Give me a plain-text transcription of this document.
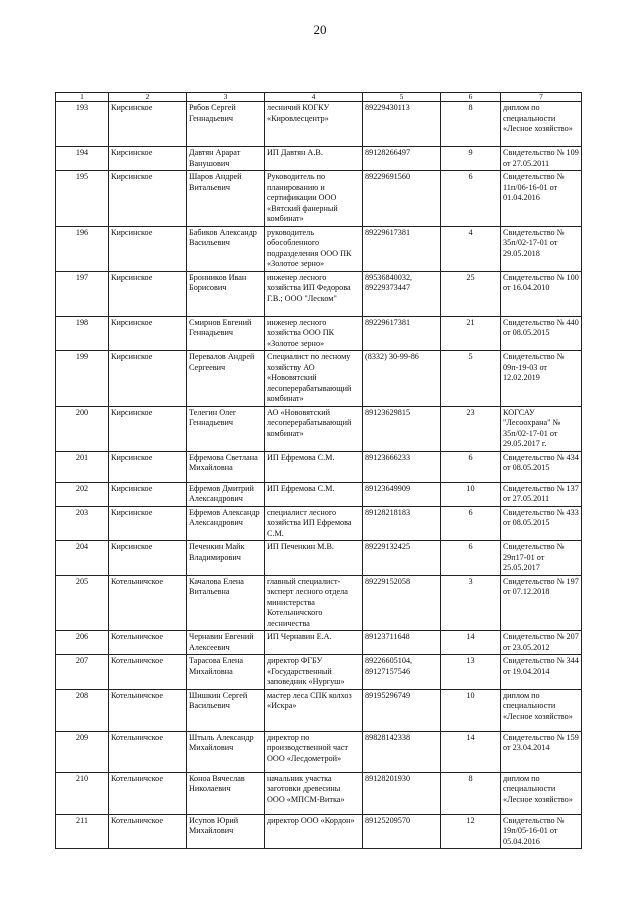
20
1	2	3	4	5	6	7
193	Кирсинское	Рябов Сергей Геннадьевич	лесничий КОГКУ «Кировлесцентр»	89229430113	8	диплом по специальности «Лесное хозяйство»
194	Кирсинское	Давтян Арарат Ванушович	ИП Давтян А.В.	89128266497	9	Свидетельство № 109 от 27.05.2011
195	Кирсинское	Шаров Андрей Витальевич	Руководитель по планированию и сертификации ООО «Вятский фанерный комбинат»	89229691560	6	Свидетельство № 11п/06-16-01 от 01.04.2016
196	Кирсинское	Бабиков Александр Васильевич	руководитель обособленного подразделения ООО ПК «Золотое зерно»	89229617381	4	Свидетельство № 35п/02-17-01 от 29.05.2018
197	Кирсинское	Бронников Иван Борисович	инженер лесного хозяйства ИП Федорова Г.В.; ООО "Леском"	89536840032, 89229373447	25	Свидетельство № 100 от 16.04.2010
198	Кирсинское	Смирнов Евгений Геннадьевич	инженер лесного хозяйства ООО ПК «Золотое зерно»	89229617381	21	Свидетельство № 440 от 08.05.2015
199	Кирсинское	Перевалов Андрей Сергеевич	Специалист по лесному хозяйству АО «Нововятский лесоперерабатывающий комбинат»	(8332) 30-99-86	5	Свидетельство № 09п-19-03 от 12.02.2019
200	Кирсинское	Телегин Олег Геннадьевич	АО «Нововятский лесоперерабатывающий комбинат»	89123629815	23	КОГСАУ "Лесоохрана" № 35п/02-17-01 от 29.05.2017 г.
201	Кирсинское	Ефремова Светлана Михайловна	ИП Ефремова С.М.	89123666233	6	Свидетельство № 434 от 08.05.2015
202	Кирсинское	Ефремов Дмитрий Александрович	ИП Ефремова С.М.	89123649909	10	Свидетельство № 137 от 27.05.2011
203	Кирсинское	Ефремов Александр Александрович	специалист лесного хозяйства ИП Ефремова С.М.	89128218183	6	Свидетельство № 433 от 08.05.2015
204	Кирсинское	Печенкин Майк Владимирович	ИП Печенкин М.В.	89229132425	6	Свидетельство № 29п17-01 от 25.05.2017
205	Котельничское	Качалова Елена Витальевна	главный специалист-эксперт лесного отдела министерства Котельничского лесничества	89229152058	3	Свидетельство № 197 от 07.12.2018
206	Котельничское	Чернавин Евгений Алексеевич	ИП Чернавин Е.А.	89123711648	14	Свидетельство № 207 от 23.05.2012
207	Котельничское	Тарасова Елена Михайловна	директор ФГБУ «Государственный заповедник «Нургуш»	89226605104, 89127157546	13	Свидетельство № 344 от 19.04.2014
208	Котельничское	Шишкин Сергей Васильевич	мастер леса СПК колхоз «Искра»	89195296749	10	диплом по специальности «Лесное хозяйство»
209	Котельничское	Штыль Александр Михайлович	директор по производственной част ООО «Лесдометрой»	89828142338	14	Свидетельство № 159 от 23.04.2014
210	Котельничское	Коноа Вячеслав Николаевич	начальник участка заготовки древесины ООО «МПСМ-Витка»	89128201930	8	диплом по специальности «Лесное хозяйство»
211	Котельничское	Исупов Юрий Михайлович	директор ООО «Кордон»	89125209570	12	Свидетельство № 19п/05-16-01 от 05.04.2016
